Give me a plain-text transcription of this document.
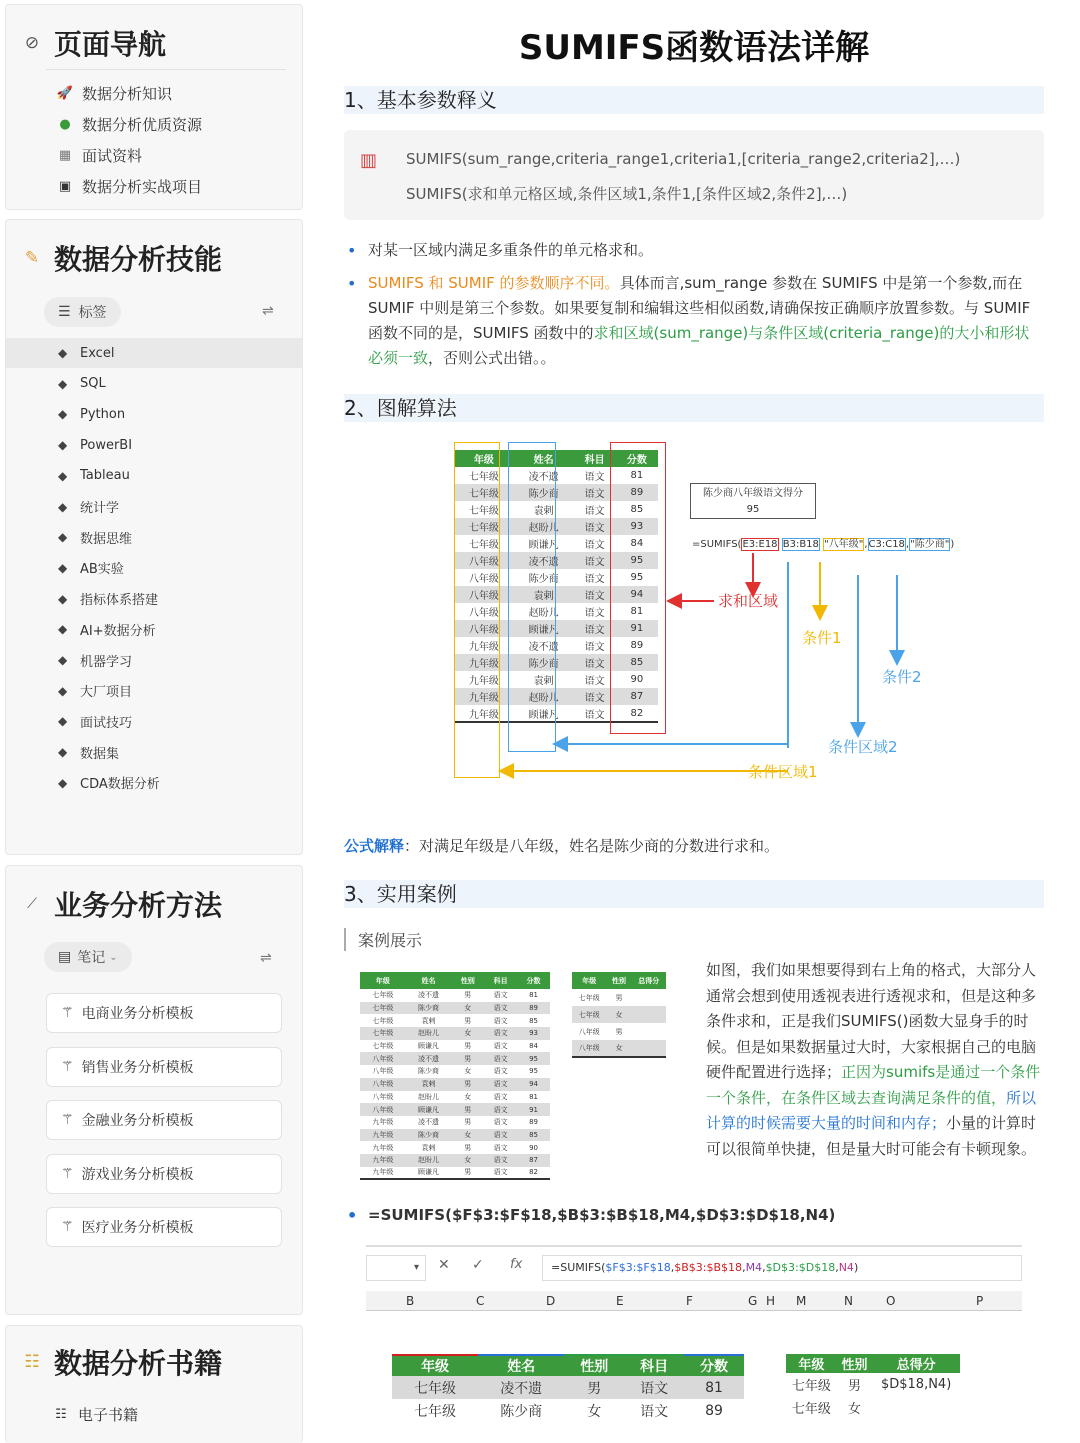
⊘ 页面导航
🚀 数据分析知识
● 数据分析优质资源
▦ 面试资料
▣ 数据分析实战项目
✎ 数据分析技能
☰ 标签	⇌
◆ Excel
◆ SQL
◆ Python
◆ PowerBI
◆ Tableau
◆ 统计学
◆ 数据思维
◆ AB实验
◆ 指标体系搭建
◆ AI+数据分析
◆ 机器学习
◆ 大厂项目
◆ 面试技巧
◆ 数据集
◆ CDA数据分析
⟋ 业务分析方法
▤ 笔记 ⌄	⇌
⚚ 电商业务分析模板
⚚ 销售业务分析模板
⚚ 金融业务分析模板
⚚ 游戏业务分析模板
⚚ 医疗业务分析模板
☷ 数据分析书籍
☷ 电子书籍
SUMIFS函数语法详解
1、基本参数释义
▥ SUMIFS(sum_range,criteria_range1,criteria1,[criteria_range2,criteria2],…)
SUMIFS(求和单元格区域,条件区域1,条件1,[条件区域2,条件2],…)
• 对某一区域内满足多重条件的单元格求和。
• SUMIFS 和 SUMIF 的参数顺序不同。具体而言,sum_range 参数在 SUMIFS 中是第一个参数,而在 SUMIF 中则是第三个参数。如果要复制和编辑这些相似函数,请确保按正确顺序放置参数。与 SUMIF函数不同的是，SUMIFS 函数中的求和区域(sum_range)与条件区域(criteria_range)的大小和形状必须一致，否则公式出错。。
2、图解算法
年级	姓名	科目	分数
七年级	凌不遗	语文	81
七年级	陈少商	语文	89
七年级	袁剌	语文	85
七年级	赵盼儿	语文	93
七年级	顾谦凡	语文	84
八年级	凌不遗	语文	95
八年级	陈少商	语文	95
八年级	袁剌	语文	94
八年级	赵盼儿	语文	81
八年级	顾谦凡	语文	91
九年级	凌不遗	语文	89
九年级	陈少商	语文	85
九年级	袁剌	语文	90
九年级	赵盼儿	语文	87
九年级	顾谦凡	语文	82
陈少商八年级语文得分
95
=SUMIFS(E3:E18 B3:B18 "八年级",C3:C18,"陈少商")
求和区域
条件1
条件2
条件区域2
条件区域1
公式解释：对满足年级是八年级，姓名是陈少商的分数进行求和。
3、实用案例
案例展示
年级	姓名	性别	科目	分数
七年级	凌不遗	男	语文	81
七年级	陈少商	女	语文	89
七年级	袁剌	男	语文	85
七年级	赵盼儿	女	语文	93
七年级	顾谦凡	男	语文	84
八年级	凌不遗	男	语文	95
八年级	陈少商	女	语文	95
八年级	袁剌	男	语文	94
八年级	赵盼儿	女	语文	81
八年级	顾谦凡	男	语文	91
九年级	凌不遗	男	语文	89
九年级	陈少商	女	语文	85
九年级	袁剌	男	语文	90
九年级	赵盼儿	女	语文	87
九年级	顾谦凡	男	语文	82
年级	性别	总得分
七年级	男	
七年级	女	
八年级	男	
八年级	女	
如图，我们如果想要得到右上角的格式，大部分人通常会想到使用透视表进行透视求和，但是这种多条件求和，正是我们SUMIFS()函数大显身手的时候。但是如果数据量过大时，大家根据自己的电脑硬件配置进行选择；正因为sumifs是通过一个条件一个条件，在条件区域去查询满足条件的值，所以计算的时候需要大量的时间和内存；小量的计算时可以很简单快捷，但是量大时可能会有卡顿现象。
• =SUMIFS($F$3:$F$18,$B$3:$B$18,M4,$D$3:$D$18,N4)
▾	✕ ✓ fx	=SUMIFS($F$3:$F$18,$B$3:$B$18,M4,$D$3:$D$18,N4)
B	C	D	E	F	G H M	N	O	P
年级	姓名	性别	科目	分数
七年级	凌不遗	男	语文	81
七年级	陈少商	女	语文	89
年级	性别	总得分
七年级	男	$D$18,N4)
七年级	女	
